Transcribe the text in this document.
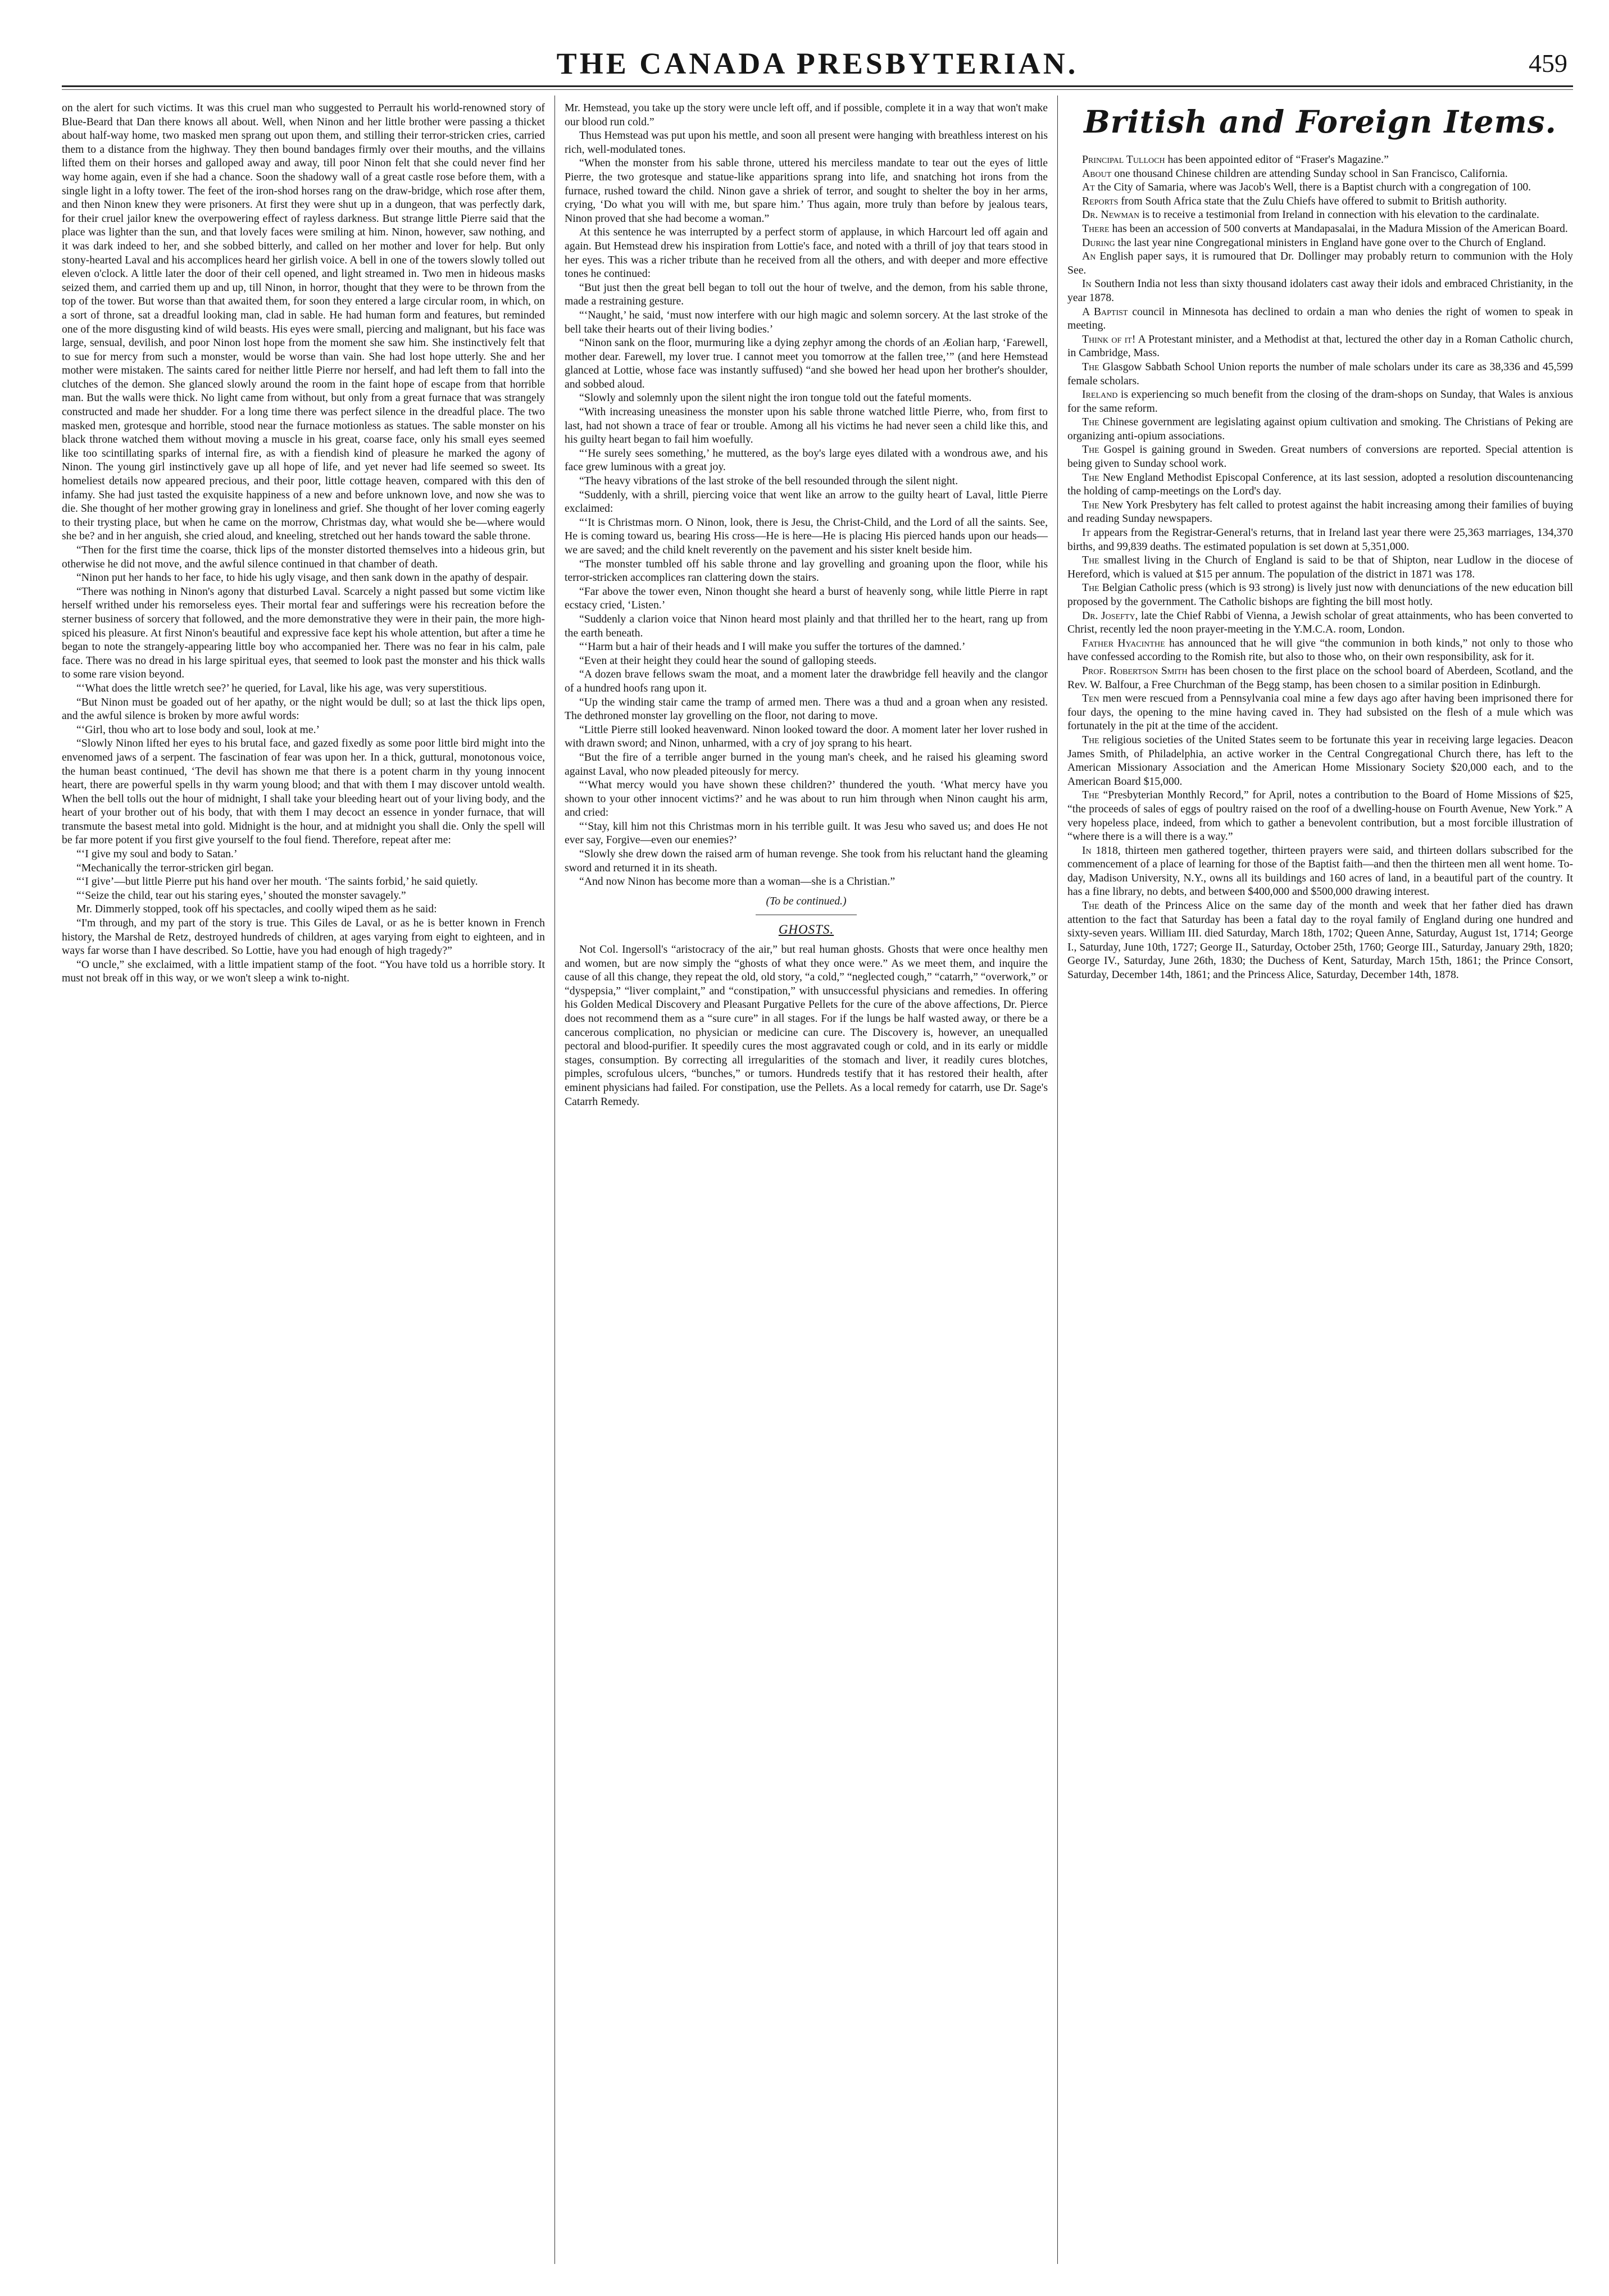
THE CANADA PRESBYTERIAN.	459

on the alert for such victims. It was this cruel man who suggested to Perrault his world-renowned story of Blue-Beard that Dan there knows all about. Well, when Ninon and her little brother were passing a thicket about half-way home, two masked men sprang out upon them, and stilling their terror-stricken cries, carried them to a distance from the highway. They then bound bandages firmly over their mouths, and the villains lifted them on their horses and galloped away and away, till poor Ninon felt that she could never find her way home again, even if she had a chance. Soon the shadowy wall of a great castle rose before them, with a single light in a lofty tower. The feet of the iron-shod horses rang on the draw-bridge, which rose after them, and then Ninon knew they were prisoners. At first they were shut up in a dungeon, that was perfectly dark, for their cruel jailor knew the overpowering effect of rayless darkness. But strange little Pierre said that the place was lighter than the sun, and that lovely faces were smiling at him. Ninon, however, saw nothing, and it was dark indeed to her, and she sobbed bitterly, and called on her mother and lover for help. But only stony-hearted Laval and his accomplices heard her girlish voice. A bell in one of the towers slowly tolled out eleven o'clock. A little later the door of their cell opened, and light streamed in. Two men in hideous masks seized them, and carried them up and up, till Ninon, in horror, thought that they were to be thrown from the top of the tower. But worse than that awaited them, for soon they entered a large circular room, in which, on a sort of throne, sat a dreadful looking man, clad in sable. He had human form and features, but reminded one of the more disgusting kind of wild beasts. His eyes were small, piercing and malignant, but his face was large, sensual, devilish, and poor Ninon lost hope from the moment she saw him. She instinctively felt that to sue for mercy from such a monster, would be worse than vain. She had lost hope utterly. She and her mother were mistaken. The saints cared for neither little Pierre nor herself, and had left them to fall into the clutches of the demon. She glanced slowly around the room in the faint hope of escape from that horrible man. But the walls were thick. No light came from without, but only from a great furnace that was strangely constructed and made her shudder. For a long time there was perfect silence in the dreadful place. The two masked men, grotesque and horrible, stood near the furnace motionless as statues. The sable monster on his black throne watched them without moving a muscle in his great, coarse face, only his small eyes seemed like too scintillating sparks of internal fire, as with a fiendish kind of pleasure he marked the agony of Ninon. The young girl instinctively gave up all hope of life, and yet never had life seemed so sweet. Its homeliest details now appeared precious, and their poor, little cottage heaven, compared with this den of infamy. She had just tasted the exquisite happiness of a new and before unknown love, and now she was to die. She thought of her mother growing gray in loneliness and grief. She thought of her lover coming eagerly to their trysting place, but when he came on the morrow, Christmas day, what would she be—where would she be? and in her anguish, she cried aloud, and kneeling, stretched out her hands toward the sable throne.

“Then for the first time the coarse, thick lips of the monster distorted themselves into a hideous grin, but otherwise he did not move, and the awful silence continued in that chamber of death.

“Ninon put her hands to her face, to hide his ugly visage, and then sank down in the apathy of despair.

“There was nothing in Ninon's agony that disturbed Laval. Scarcely a night passed but some victim like herself writhed under his remorseless eyes. Their mortal fear and sufferings were his recreation before the sterner business of sorcery that followed, and the more demonstrative they were in their pain, the more high-spiced his pleasure. At first Ninon's beautiful and expressive face kept his whole attention, but after a time he began to note the strangely-appearing little boy who accompanied her. There was no fear in his calm, pale face. There was no dread in his large spiritual eyes, that seemed to look past the monster and his thick walls to some rare vision beyond.

“‘What does the little wretch see?’ he queried, for Laval, like his age, was very superstitious.

“But Ninon must be goaded out of her apathy, or the night would be dull; so at last the thick lips open, and the awful silence is broken by more awful words:

“‘Girl, thou who art to lose body and soul, look at me.’

“Slowly Ninon lifted her eyes to his brutal face, and gazed fixedly as some poor little bird might into the envenomed jaws of a serpent. The fascination of fear was upon her. In a thick, guttural, monotonous voice, the human beast continued, ‘The devil has shown me that there is a potent charm in thy young innocent heart, there are powerful spells in thy warm young blood; and that with them I may discover untold wealth. When the bell tolls out the hour of midnight, I shall take your bleeding heart out of your living body, and the heart of your brother out of his body, that with them I may decoct an essence in yonder furnace, that will transmute the basest metal into gold. Midnight is the hour, and at midnight you shall die. Only the spell will be far more potent if you first give yourself to the foul fiend. Therefore, repeat after me:

“‘I give my soul and body to Satan.’

“Mechanically the terror-stricken girl began.

“‘I give’—but little Pierre put his hand over her mouth. ‘The saints forbid,’ he said quietly.

“‘Seize the child, tear out his staring eyes,’ shouted the monster savagely.”

Mr. Dimmerly stopped, took off his spectacles, and coolly wiped them as he said:

“I'm through, and my part of the story is true. This Giles de Laval, or as he is better known in French history, the Marshal de Retz, destroyed hundreds of children, at ages varying from eight to eighteen, and in ways far worse than I have described. So Lottie, have you had enough of high tragedy?”

“O uncle,” she exclaimed, with a little impatient stamp of the foot. “You have told us a horrible story. It must not break off in this way, or we won't sleep a wink to-night.

Mr. Hemstead, you take up the story were uncle left off, and if possible, complete it in a way that won't make our blood run cold.”

Thus Hemstead was put upon his mettle, and soon all present were hanging with breathless interest on his rich, well-modulated tones.

“When the monster from his sable throne, uttered his merciless mandate to tear out the eyes of little Pierre, the two grotesque and statue-like apparitions sprang into life, and snatching hot irons from the furnace, rushed toward the child. Ninon gave a shriek of terror, and sought to shelter the boy in her arms, crying, ‘Do what you will with me, but spare him.’ Thus again, more truly than before by jealous tears, Ninon proved that she had become a woman.”

At this sentence he was interrupted by a perfect storm of applause, in which Harcourt led off again and again. But Hemstead drew his inspiration from Lottie's face, and noted with a thrill of joy that tears stood in her eyes. This was a richer tribute than he received from all the others, and with deeper and more effective tones he continued:

“But just then the great bell began to toll out the hour of twelve, and the demon, from his sable throne, made a restraining gesture.

“‘Naught,’ he said, ‘must now interfere with our high magic and solemn sorcery. At the last stroke of the bell take their hearts out of their living bodies.’

“Ninon sank on the floor, murmuring like a dying zephyr among the chords of an Æolian harp, ‘Farewell, mother dear. Farewell, my lover true. I cannot meet you tomorrow at the fallen tree,’” (and here Hemstead glanced at Lottie, whose face was instantly suffused) “and she bowed her head upon her brother's shoulder, and sobbed aloud.

“Slowly and solemnly upon the silent night the iron tongue told out the fateful moments.

“With increasing uneasiness the monster upon his sable throne watched little Pierre, who, from first to last, had not shown a trace of fear or trouble. Among all his victims he had never seen a child like this, and his guilty heart began to fail him woefully.

“‘He surely sees something,’ he muttered, as the boy's large eyes dilated with a wondrous awe, and his face grew luminous with a great joy.

“The heavy vibrations of the last stroke of the bell resounded through the silent night.

“Suddenly, with a shrill, piercing voice that went like an arrow to the guilty heart of Laval, little Pierre exclaimed:

“‘It is Christmas morn. O Ninon, look, there is Jesu, the Christ-Child, and the Lord of all the saints. See, He is coming toward us, bearing His cross—He is here—He is placing His pierced hands upon our heads—we are saved; and the child knelt reverently on the pavement and his sister knelt beside him.

“The monster tumbled off his sable throne and lay grovelling and groaning upon the floor, while his terror-stricken accomplices ran clattering down the stairs.

“Far above the tower even, Ninon thought she heard a burst of heavenly song, while little Pierre in rapt ecstacy cried, ‘Listen.’

“Suddenly a clarion voice that Ninon heard most plainly and that thrilled her to the heart, rang up from the earth beneath.

“‘Harm but a hair of their heads and I will make you suffer the tortures of the damned.’

“Even at their height they could hear the sound of galloping steeds.

“A dozen brave fellows swam the moat, and a moment later the drawbridge fell heavily and the clangor of a hundred hoofs rang upon it.

“Up the winding stair came the tramp of armed men. There was a thud and a groan when any resisted. The dethroned monster lay grovelling on the floor, not daring to move.

“Little Pierre still looked heavenward. Ninon looked toward the door. A moment later her lover rushed in with drawn sword; and Ninon, unharmed, with a cry of joy sprang to his heart.

“But the fire of a terrible anger burned in the young man's cheek, and he raised his gleaming sword against Laval, who now pleaded piteously for mercy.

“‘What mercy would you have shown these children?’ thundered the youth. ‘What mercy have you shown to your other innocent victims?’ and he was about to run him through when Ninon caught his arm, and cried:

“‘Stay, kill him not this Christmas morn in his terrible guilt. It was Jesu who saved us; and does He not ever say, Forgive—even our enemies?’

“Slowly she drew down the raised arm of human revenge. She took from his reluctant hand the gleaming sword and returned it in its sheath.

“And now Ninon has become more than a woman—she is a Christian.”

(To be continued.)
GHOSTS.

Not Col. Ingersoll's “aristocracy of the air,” but real human ghosts. Ghosts that were once healthy men and women, but are now simply the “ghosts of what they once were.” As we meet them, and inquire the cause of all this change, they repeat the old, old story, “a cold,” “neglected cough,” “catarrh,” “overwork,” or “dyspepsia,” “liver complaint,” and “constipation,” with unsuccessful physicians and remedies. In offering his Golden Medical Discovery and Pleasant Purgative Pellets for the cure of the above affections, Dr. Pierce does not recommend them as a “sure cure” in all stages. For if the lungs be half wasted away, or there be a cancerous complication, no physician or medicine can cure. The Discovery is, however, an unequalled pectoral and blood-purifier. It speedily cures the most aggravated cough or cold, and in its early or middle stages, consumption. By correcting all irregularities of the stomach and liver, it readily cures blotches, pimples, scrofulous ulcers, “bunches,” or tumors. Hundreds testify that it has restored their health, after eminent physicians had failed. For constipation, use the Pellets. As a local remedy for catarrh, use Dr. Sage's Catarrh Remedy.

British and Foreign Items.

Principal Tulloch has been appointed editor of “Fraser's Magazine.”

About one thousand Chinese children are attending Sunday school in San Francisco, California.

At the City of Samaria, where was Jacob's Well, there is a Baptist church with a congregation of 100.

Reports from South Africa state that the Zulu Chiefs have offered to submit to British authority.

Dr. Newman is to receive a testimonial from Ireland in connection with his elevation to the cardinalate.

There has been an accession of 500 converts at Mandapasalai, in the Madura Mission of the American Board.

During the last year nine Congregational ministers in England have gone over to the Church of England.

An English paper says, it is rumoured that Dr. Dollinger may probably return to communion with the Holy See.

In Southern India not less than sixty thousand idolaters cast away their idols and embraced Christianity, in the year 1878.

A Baptist council in Minnesota has declined to ordain a man who denies the right of women to speak in meeting.

Think of it! A Protestant minister, and a Methodist at that, lectured the other day in a Roman Catholic church, in Cambridge, Mass.

The Glasgow Sabbath School Union reports the number of male scholars under its care as 38,336 and 45,599 female scholars.

Ireland is experiencing so much benefit from the closing of the dram-shops on Sunday, that Wales is anxious for the same reform.

The Chinese government are legislating against opium cultivation and smoking. The Christians of Peking are organizing anti-opium associations.

The Gospel is gaining ground in Sweden. Great numbers of conversions are reported. Special attention is being given to Sunday school work.

The New England Methodist Episcopal Conference, at its last session, adopted a resolution discountenancing the holding of camp-meetings on the Lord's day.

The New York Presbytery has felt called to protest against the habit increasing among their families of buying and reading Sunday newspapers.

It appears from the Registrar-General's returns, that in Ireland last year there were 25,363 marriages, 134,370 births, and 99,839 deaths. The estimated population is set down at 5,351,000.

The smallest living in the Church of England is said to be that of Shipton, near Ludlow in the diocese of Hereford, which is valued at $15 per annum. The population of the district in 1871 was 178.

The Belgian Catholic press (which is 93 strong) is lively just now with denunciations of the new education bill proposed by the government. The Catholic bishops are fighting the bill most hotly.

Dr. Josefty, late the Chief Rabbi of Vienna, a Jewish scholar of great attainments, who has been converted to Christ, recently led the noon prayer-meeting in the Y.M.C.A. room, London.

Father Hyacinthe has announced that he will give “the communion in both kinds,” not only to those who have confessed according to the Romish rite, but also to those who, on their own responsibility, ask for it.

Prof. Robertson Smith has been chosen to the first place on the school board of Aberdeen, Scotland, and the Rev. W. Balfour, a Free Churchman of the Begg stamp, has been chosen to a similar position in Edinburgh.

Ten men were rescued from a Pennsylvania coal mine a few days ago after having been imprisoned there for four days, the opening to the mine having caved in. They had subsisted on the flesh of a mule which was fortunately in the pit at the time of the accident.

The religious societies of the United States seem to be fortunate this year in receiving large legacies. Deacon James Smith, of Philadelphia, an active worker in the Central Congregational Church there, has left to the American Missionary Association and the American Home Missionary Society $20,000 each, and to the American Board $15,000.

The “Presbyterian Monthly Record,” for April, notes a contribution to the Board of Home Missions of $25, “the proceeds of sales of eggs of poultry raised on the roof of a dwelling-house on Fourth Avenue, New York.” A very hopeless place, indeed, from which to gather a benevolent contribution, but a most forcible illustration of “where there is a will there is a way.”

In 1818, thirteen men gathered together, thirteen prayers were said, and thirteen dollars subscribed for the commencement of a place of learning for those of the Baptist faith—and then the thirteen men all went home. To-day, Madison University, N.Y., owns all its buildings and 160 acres of land, in a beautiful part of the country. It has a fine library, no debts, and between $400,000 and $500,000 drawing interest.

The death of the Princess Alice on the same day of the month and week that her father died has drawn attention to the fact that Saturday has been a fatal day to the royal family of England during one hundred and sixty-seven years. William III. died Saturday, March 18th, 1702; Queen Anne, Saturday, August 1st, 1714; George I., Saturday, June 10th, 1727; George II., Saturday, October 25th, 1760; George III., Saturday, January 29th, 1820; George IV., Saturday, June 26th, 1830; the Duchess of Kent, Saturday, March 15th, 1861; the Prince Consort, Saturday, December 14th, 1861; and the Princess Alice, Saturday, December 14th, 1878.
